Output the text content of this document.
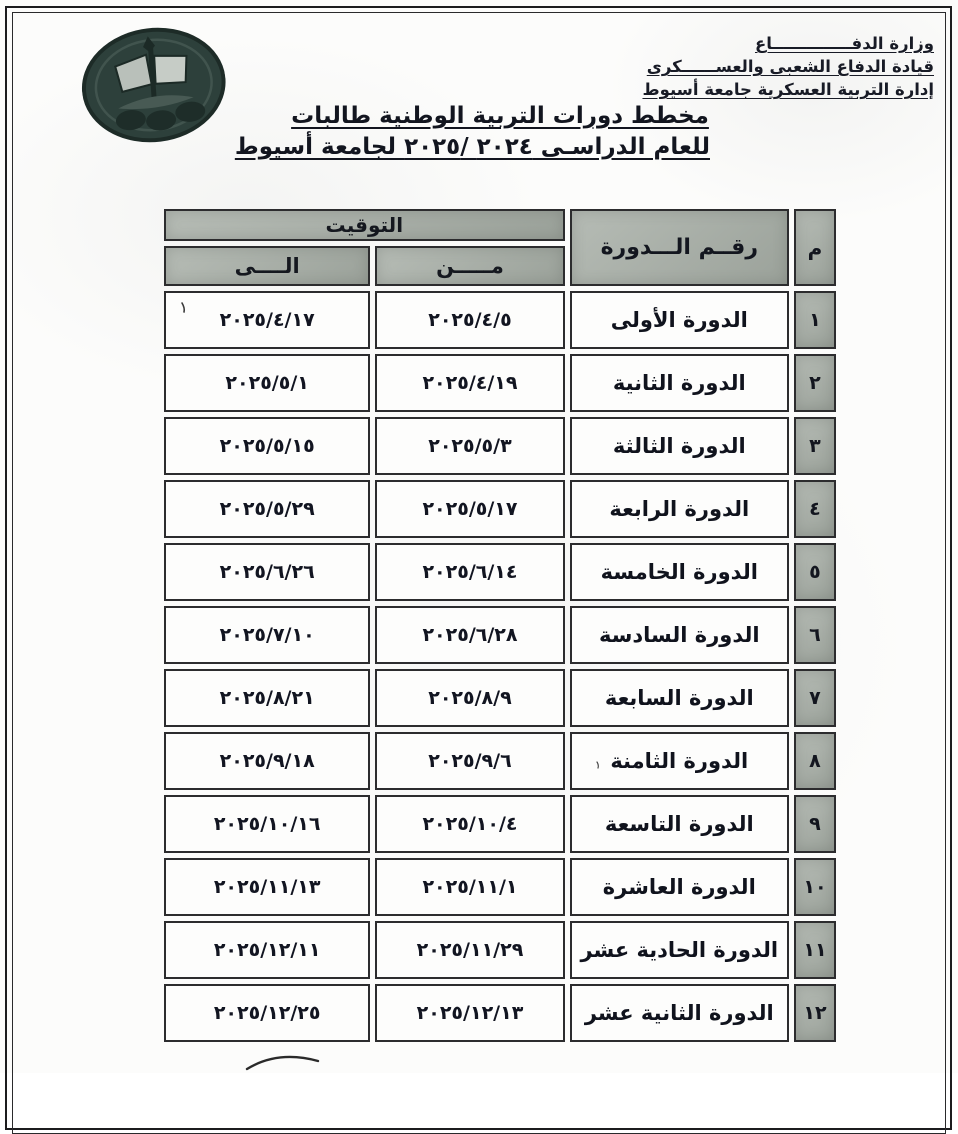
وزارة الدفــــــــــــــاع
قيادة الدفاع الشعبى والعســــــكرى
إدارة التربية العسكرية جامعة أسيوط
مخطط دورات التربية الوطنية طالبات
للعام الدراسـى ٢٠٢٤ /٢٠٢٥ لجامعة أسيوط
م	رقــم الـــدورة	التوقيت	
		مـــــن	الــــى
١	الدورة الأولى	٢٠٢٥/٤/٥	٢٠٢٥/٤/١٧
٢	الدورة الثانية	٢٠٢٥/٤/١٩	٢٠٢٥/٥/١
٣	الدورة الثالثة	٢٠٢٥/٥/٣	٢٠٢٥/٥/١٥
٤	الدورة الرابعة	٢٠٢٥/٥/١٧	٢٠٢٥/٥/٢٩
٥	الدورة الخامسة	٢٠٢٥/٦/١٤	٢٠٢٥/٦/٢٦
٦	الدورة السادسة	٢٠٢٥/٦/٢٨	٢٠٢٥/٧/١٠
٧	الدورة السابعة	٢٠٢٥/٨/٩	٢٠٢٥/٨/٢١
٨	الدورة الثامنة	٢٠٢٥/٩/٦	٢٠٢٥/٩/١٨
٩	الدورة التاسعة	٢٠٢٥/١٠/٤	٢٠٢٥/١٠/١٦
١٠	الدورة العاشرة	٢٠٢٥/١١/١	٢٠٢٥/١١/١٣
١١	الدورة الحادية عشر	٢٠٢٥/١١/٢٩	٢٠٢٥/١٢/١١
١٢	الدورة الثانية عشر	٢٠٢٥/١٢/١٣	٢٠٢٥/١٢/٢٥
